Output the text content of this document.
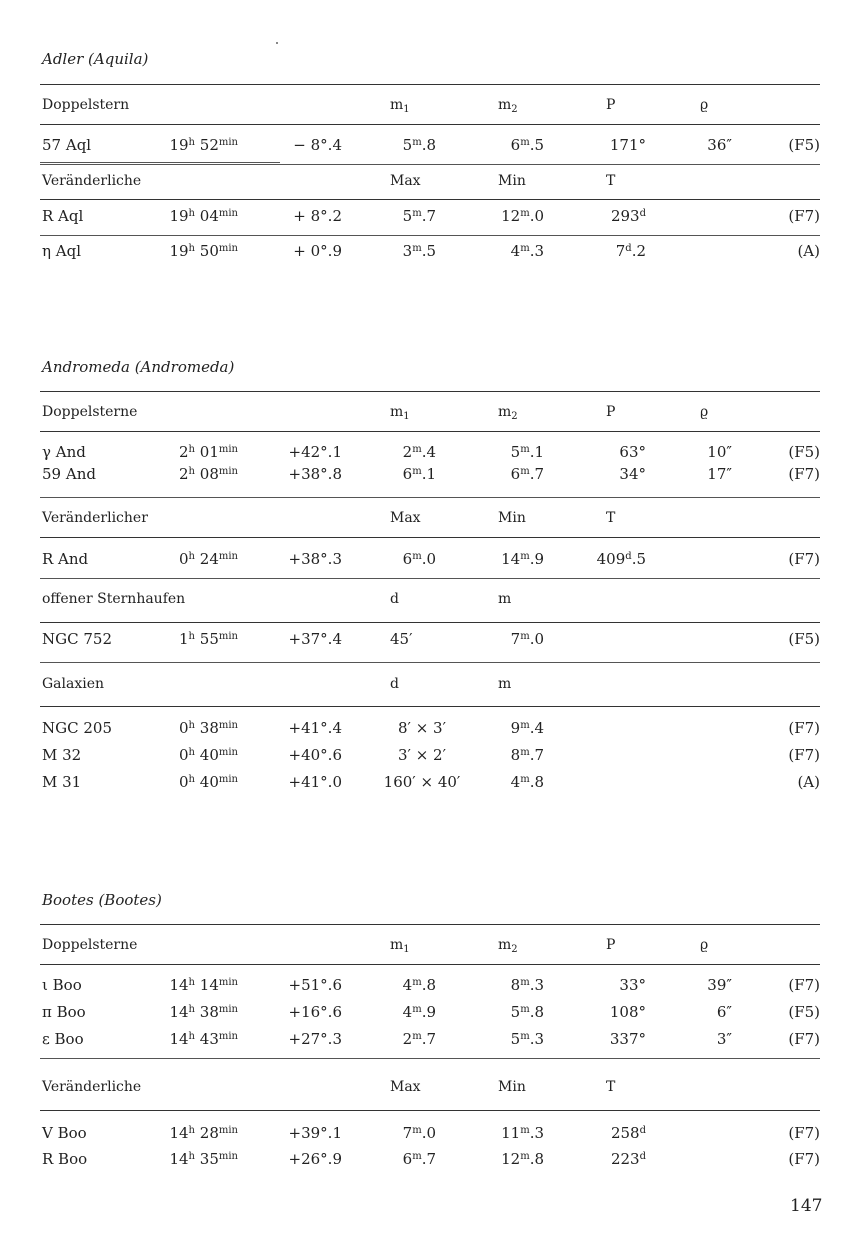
Adler (Aquila)
Doppelstern	$m_1$	$m_2$	P	ϱ
57 Aql	19$^h$ $52^{min}$	− 8°.4	5$^m$.8	6$^m$.5	171°	36″	(F5)
Veränderliche	Max	Min	T
R Aql	19$^h$ $04^{min}$	+ 8°.2	5$^m$.7	12$^m$.0	293$^d$	(F7)
η Aql	19$^h$ $50^{min}$	+ 0°.9	3$^m$.5	4$^m$.3	7$^d$.2	(A)
Andromeda (Andromeda)
Doppelsterne	$m_1$	$m_2$	P	ϱ
γ And	2$^h$ $01^{min}$	+42°.1	2$^m$.4	5$^m$.1	63°	10″	(F5)
59 And	2$^h$ $08^{min}$	+38°.8	6$^m$.1	6$^m$.7	34°	17″	(F7)
Veränderlicher	Max	Min	T
R And	0$^h$ $24^{min}$	+38°.3	6$^m$.0	14$^m$.9	409$^d$.5	(F7)
offener Sternhaufen	d	m
NGC 752	1$^h$ $55^{min}$	+37°.4	45′	7$^m$.0	(F5)
Galaxien	d	m
NGC 205	0$^h$ $38^{min}$	+41°.4	8′ × 3′	9$^m$.4	(F7)
M 32	0$^h$ $40^{min}$	+40°.6	3′ × 2′	8$^m$.7	(F7)
M 31	0$^h$ $40^{min}$	+41°.0	160′ × 40′	4$^m$.8	(A)
Bootes (Bootes)
Doppelsterne	$m_1$	$m_2$	P	ϱ
ι Boo	14$^h$ $14^{min}$	+51°.6	4$^m$.8	8$^m$.3	33°	39″	(F7)
π Boo	14$^h$ $38^{min}$	+16°.6	4$^m$.9	5$^m$.8	108°	6″	(F5)
ε Boo	14$^h$ $43^{min}$	+27°.3	2$^m$.7	5$^m$.3	337°	3″	(F7)
Veränderliche	Max	Min	T
V Boo	14$^h$ $28^{min}$	+39°.1	7$^m$.0	11$^m$.3	258$^d$	(F7)
R Boo	14$^h$ $35^{min}$	+26°.9	6$^m$.7	12$^m$.8	223$^d$	(F7)
147
